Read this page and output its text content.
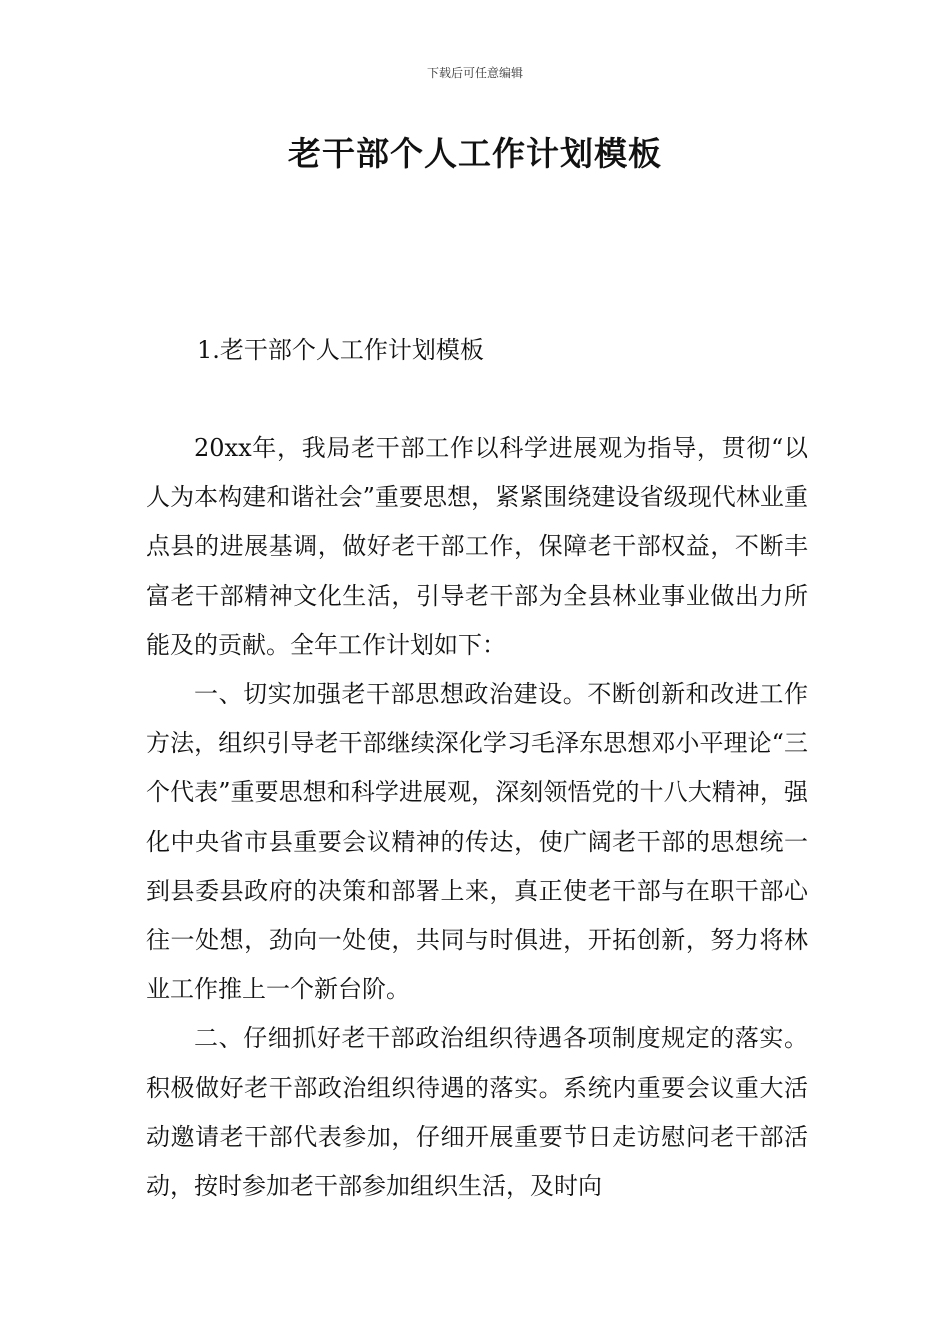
下载后可任意编辑
老干部个人工作计划模板
1.老干部个人工作计划模板

20xx年，我局老干部工作以科学进展观为指导，贯彻“以人为本构建和谐社会”重要思想，紧紧围绕建设省级现代林业重点县的进展基调，做好老干部工作，保障老干部权益，不断丰富老干部精神文化生活，引导老干部为全县林业事业做出力所能及的贡献。全年工作计划如下：

一、切实加强老干部思想政治建设。不断创新和改进工作方法，组织引导老干部继续深化学习毛泽东思想邓小平理论“三个代表”重要思想和科学进展观，深刻领悟党的十八大精神，强化中央省市县重要会议精神的传达，使广阔老干部的思想统一到县委县政府的决策和部署上来，真正使老干部与在职干部心往一处想，劲向一处使，共同与时俱进，开拓创新，努力将林业工作推上一个新台阶。

二、仔细抓好老干部政治组织待遇各项制度规定的落实。积极做好老干部政治组织待遇的落实。系统内重要会议重大活动邀请老干部代表参加，仔细开展重要节日走访慰问老干部活动，按时参加老干部参加组织生活，及时向
